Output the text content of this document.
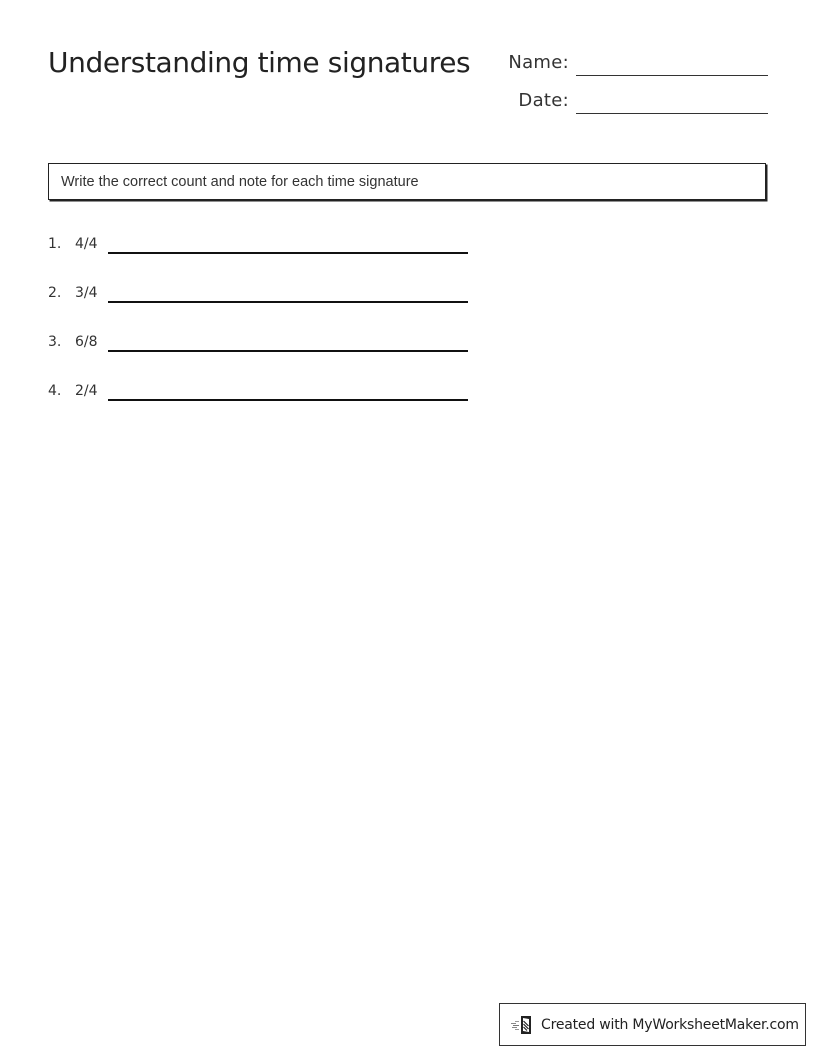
Understanding time signatures	Name:
Date:
Write the correct count and note for each time signature
1. 4/4
2. 3/4
3. 6/8
4. 2/4
Created with MyWorksheetMaker.com
